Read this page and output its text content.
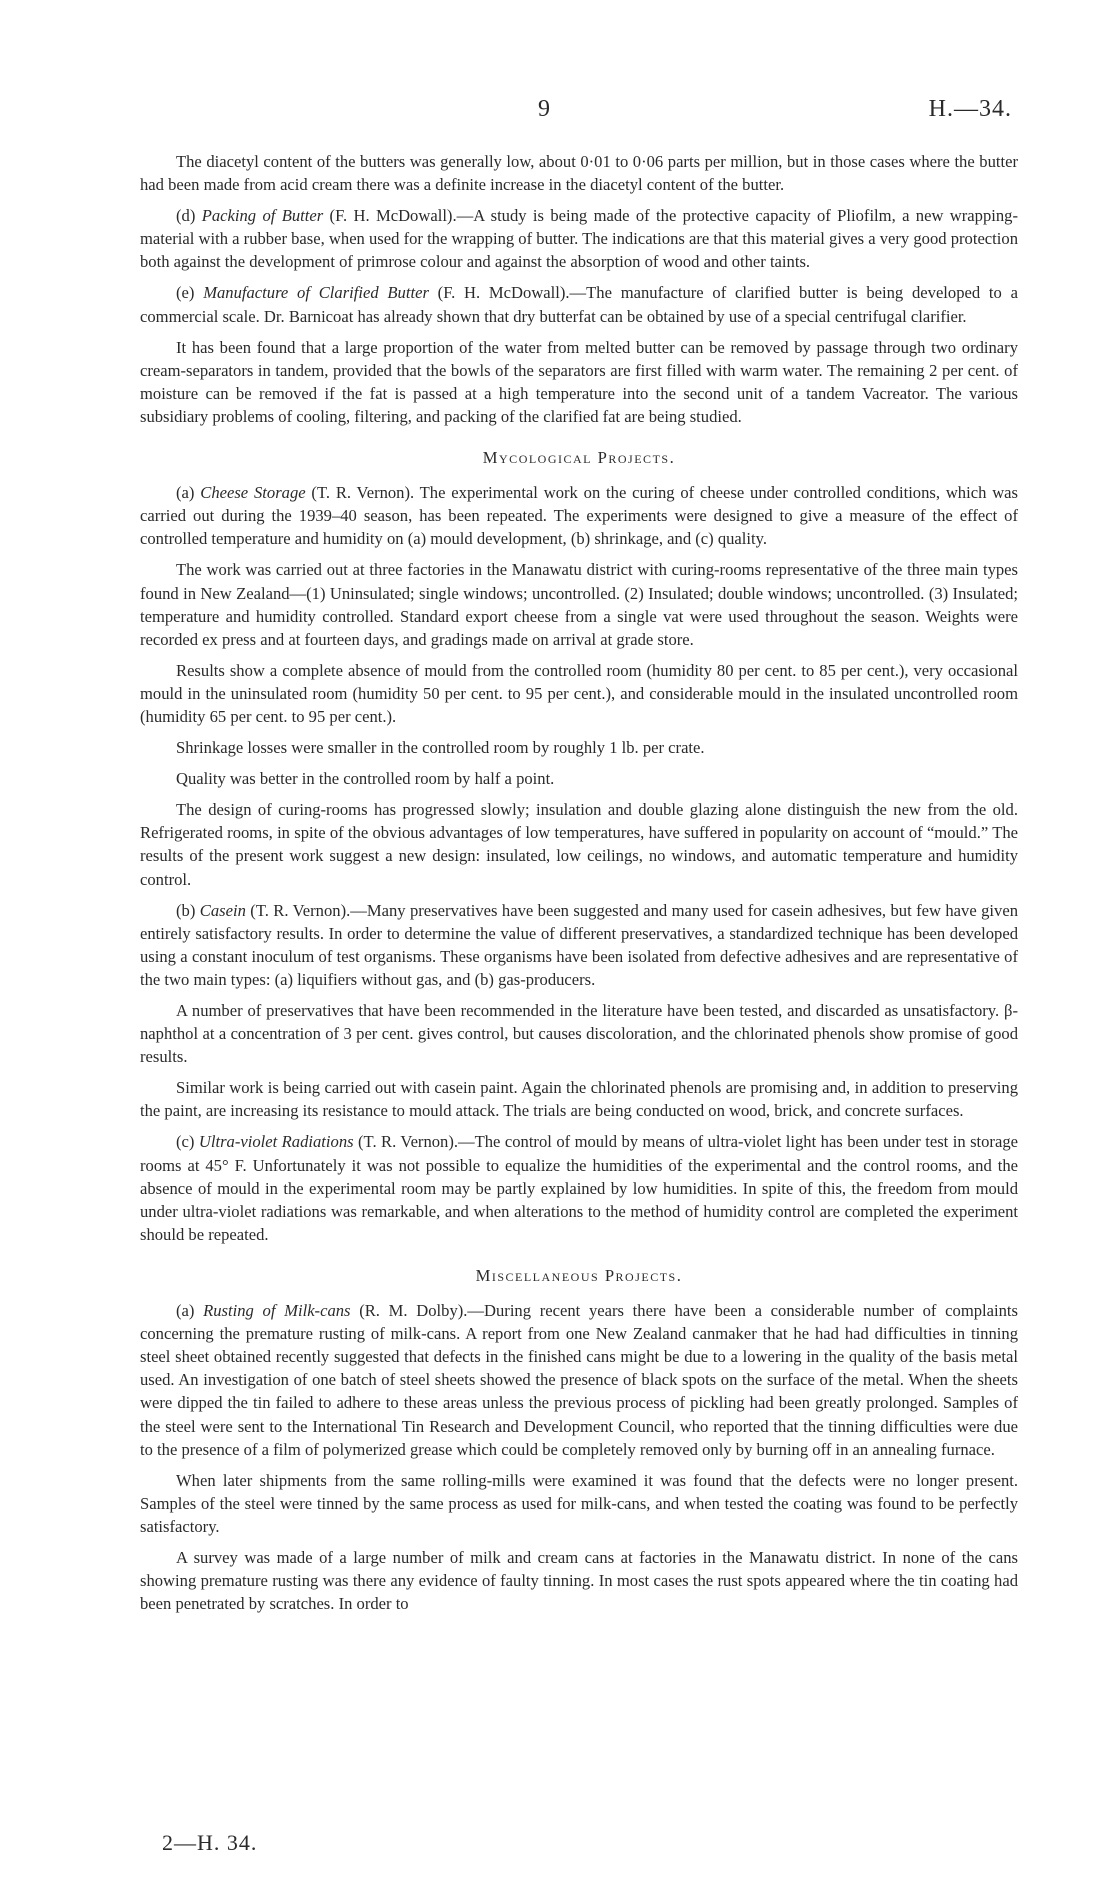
9	H.—34.

The diacetyl content of the butters was generally low, about 0·01 to 0·06 parts per million, but in those cases where the butter had been made from acid cream there was a definite increase in the diacetyl content of the butter.

(d) Packing of Butter (F. H. McDowall).—A study is being made of the protective capacity of Pliofilm, a new wrapping-material with a rubber base, when used for the wrapping of butter. The indications are that this material gives a very good protection both against the development of primrose colour and against the absorption of wood and other taints.

(e) Manufacture of Clarified Butter (F. H. McDowall).—The manufacture of clarified butter is being developed to a commercial scale. Dr. Barnicoat has already shown that dry butterfat can be obtained by use of a special centrifugal clarifier.

It has been found that a large proportion of the water from melted butter can be removed by passage through two ordinary cream-separators in tandem, provided that the bowls of the separators are first filled with warm water. The remaining 2 per cent. of moisture can be removed if the fat is passed at a high temperature into the second unit of a tandem Vacreator. The various subsidiary problems of cooling, filtering, and packing of the clarified fat are being studied.

Mycological Projects.

(a) Cheese Storage (T. R. Vernon). The experimental work on the curing of cheese under controlled conditions, which was carried out during the 1939–40 season, has been repeated. The experiments were designed to give a measure of the effect of controlled temperature and humidity on (a) mould development, (b) shrinkage, and (c) quality.

The work was carried out at three factories in the Manawatu district with curing-rooms representative of the three main types found in New Zealand—(1) Uninsulated; single windows; uncontrolled. (2) Insulated; double windows; uncontrolled. (3) Insulated; temperature and humidity controlled. Standard export cheese from a single vat were used throughout the season. Weights were recorded ex press and at fourteen days, and gradings made on arrival at grade store.

Results show a complete absence of mould from the controlled room (humidity 80 per cent. to 85 per cent.), very occasional mould in the uninsulated room (humidity 50 per cent. to 95 per cent.), and considerable mould in the insulated uncontrolled room (humidity 65 per cent. to 95 per cent.).

Shrinkage losses were smaller in the controlled room by roughly 1 lb. per crate.

Quality was better in the controlled room by half a point.

The design of curing-rooms has progressed slowly; insulation and double glazing alone distinguish the new from the old. Refrigerated rooms, in spite of the obvious advantages of low temperatures, have suffered in popularity on account of “mould.” The results of the present work suggest a new design: insulated, low ceilings, no windows, and automatic temperature and humidity control.

(b) Casein (T. R. Vernon).—Many preservatives have been suggested and many used for casein adhesives, but few have given entirely satisfactory results. In order to determine the value of different preservatives, a standardized technique has been developed using a constant inoculum of test organisms. These organisms have been isolated from defective adhesives and are representative of the two main types: (a) liquifiers without gas, and (b) gas-producers.

A number of preservatives that have been recommended in the literature have been tested, and discarded as unsatisfactory. β-naphthol at a concentration of 3 per cent. gives control, but causes discoloration, and the chlorinated phenols show promise of good results.

Similar work is being carried out with casein paint. Again the chlorinated phenols are promising and, in addition to preserving the paint, are increasing its resistance to mould attack. The trials are being conducted on wood, brick, and concrete surfaces.

(c) Ultra-violet Radiations (T. R. Vernon).—The control of mould by means of ultra-violet light has been under test in storage rooms at 45° F. Unfortunately it was not possible to equalize the humidities of the experimental and the control rooms, and the absence of mould in the experimental room may be partly explained by low humidities. In spite of this, the freedom from mould under ultra-violet radiations was remarkable, and when alterations to the method of humidity control are completed the experiment should be repeated.

Miscellaneous Projects.

(a) Rusting of Milk-cans (R. M. Dolby).—During recent years there have been a considerable number of complaints concerning the premature rusting of milk-cans. A report from one New Zealand canmaker that he had had difficulties in tinning steel sheet obtained recently suggested that defects in the finished cans might be due to a lowering in the quality of the basis metal used. An investigation of one batch of steel sheets showed the presence of black spots on the surface of the metal. When the sheets were dipped the tin failed to adhere to these areas unless the previous process of pickling had been greatly prolonged. Samples of the steel were sent to the International Tin Research and Development Council, who reported that the tinning difficulties were due to the presence of a film of polymerized grease which could be completely removed only by burning off in an annealing furnace.

When later shipments from the same rolling-mills were examined it was found that the defects were no longer present. Samples of the steel were tinned by the same process as used for milk-cans, and when tested the coating was found to be perfectly satisfactory.

A survey was made of a large number of milk and cream cans at factories in the Manawatu district. In none of the cans showing premature rusting was there any evidence of faulty tinning. In most cases the rust spots appeared where the tin coating had been penetrated by scratches. In order to

2—H. 34.
